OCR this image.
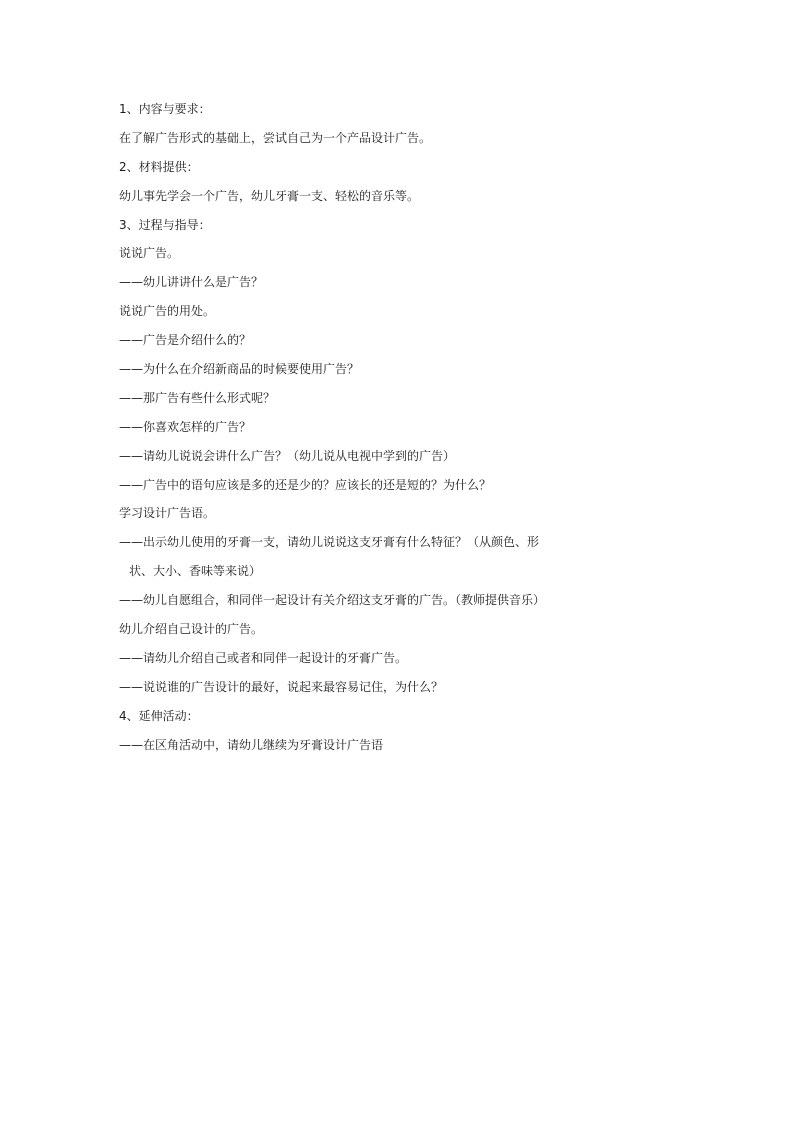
1、内容与要求：
在了解广告形式的基础上，尝试自己为一个产品设计广告。
2、材料提供：
幼儿事先学会一个广告，幼儿牙膏一支、轻松的音乐等。
3、过程与指导：
说说广告。
——幼儿讲讲什么是广告？
说说广告的用处。
——广告是介绍什么的？
——为什么在介绍新商品的时候要使用广告？
——那广告有些什么形式呢？
——你喜欢怎样的广告？
——请幼儿说说会讲什么广告？（幼儿说从电视中学到的广告）
——广告中的语句应该是多的还是少的？应该长的还是短的？为什么？
学习设计广告语。
——出示幼儿使用的牙膏一支，请幼儿说说这支牙膏有什么特征？（从颜色、形
状、大小、香味等来说）
——幼儿自愿组合，和同伴一起设计有关介绍这支牙膏的广告。（教师提供音乐）
幼儿介绍自己设计的广告。
——请幼儿介绍自己或者和同伴一起设计的牙膏广告。
——说说谁的广告设计的最好，说起来最容易记住，为什么？
4、延伸活动：
——在区角活动中，请幼儿继续为牙膏设计广告语
